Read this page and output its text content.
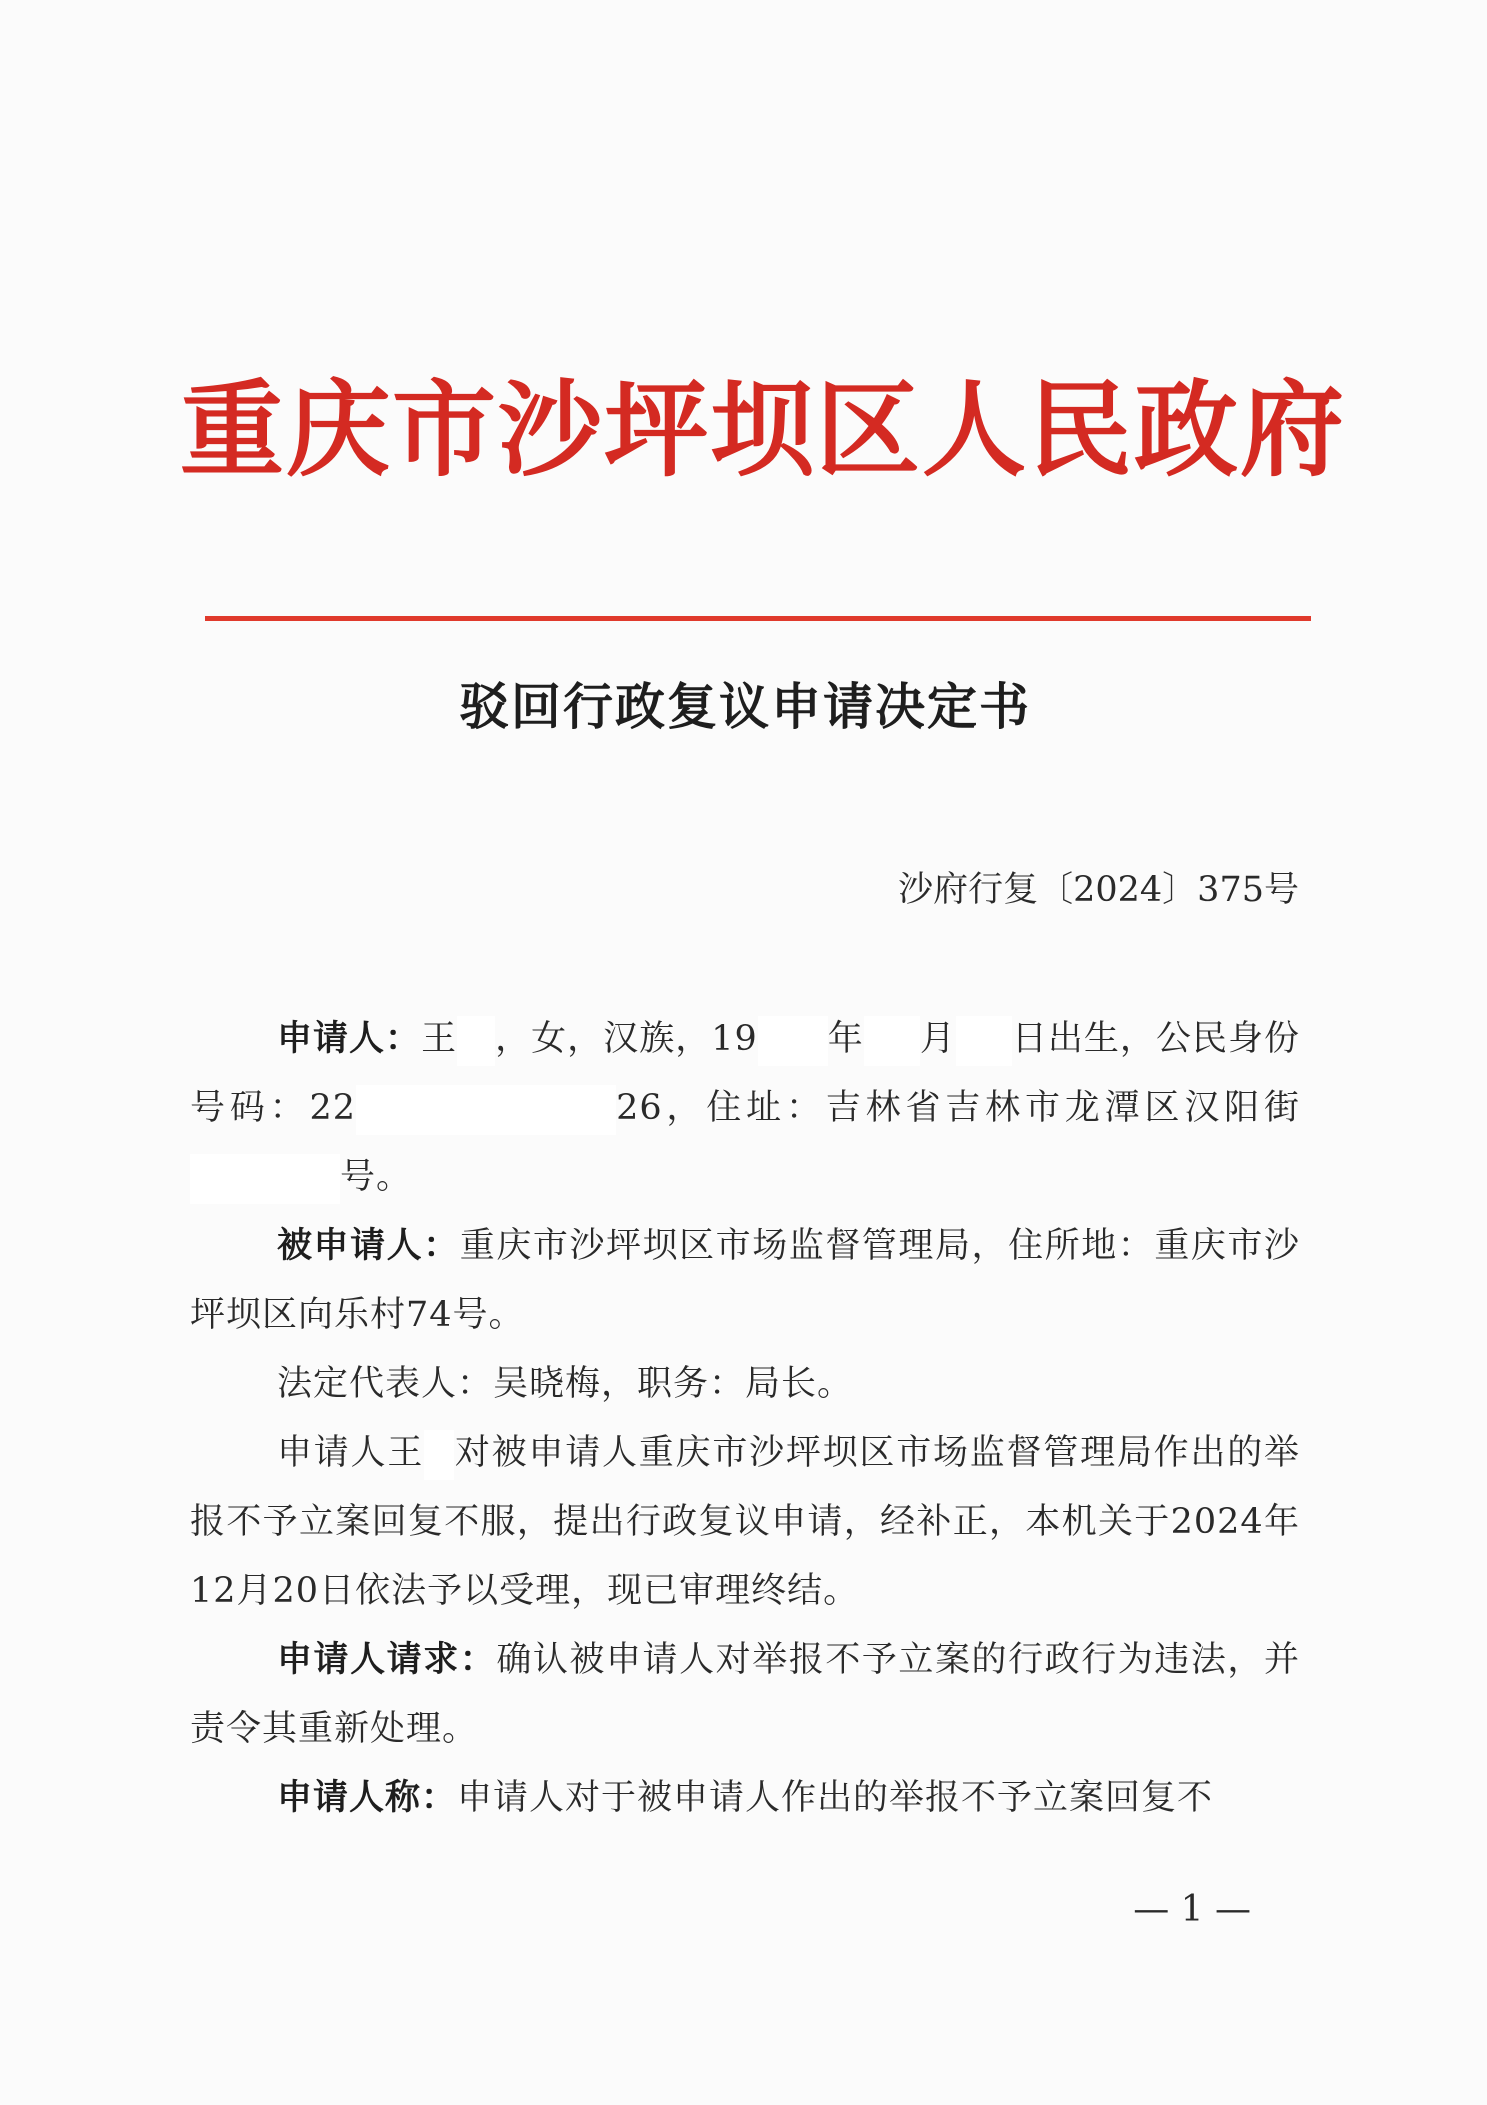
重庆市沙坪坝区人民政府
驳回行政复议申请决定书
沙府行复〔2024〕375号

申请人：王 ，女，汉族，19 年 月 日出生，公民身份号码：22	26，住址：吉林省吉林市龙潭区汉阳街号。

被申请人：重庆市沙坪坝区市场监督管理局，住所地：重庆市沙坪坝区向乐村74号。

法定代表人：吴晓梅，职务：局长。

申请人王 对被申请人重庆市沙坪坝区市场监督管理局作出的举报不予立案回复不服，提出行政复议申请，经补正，本机关于2024年12月20日依法予以受理，现已审理终结。

申请人请求：确认被申请人对举报不予立案的行政行为违法，并责令其重新处理。

申请人称：申请人对于被申请人作出的举报不予立案回复不

— 1 —
